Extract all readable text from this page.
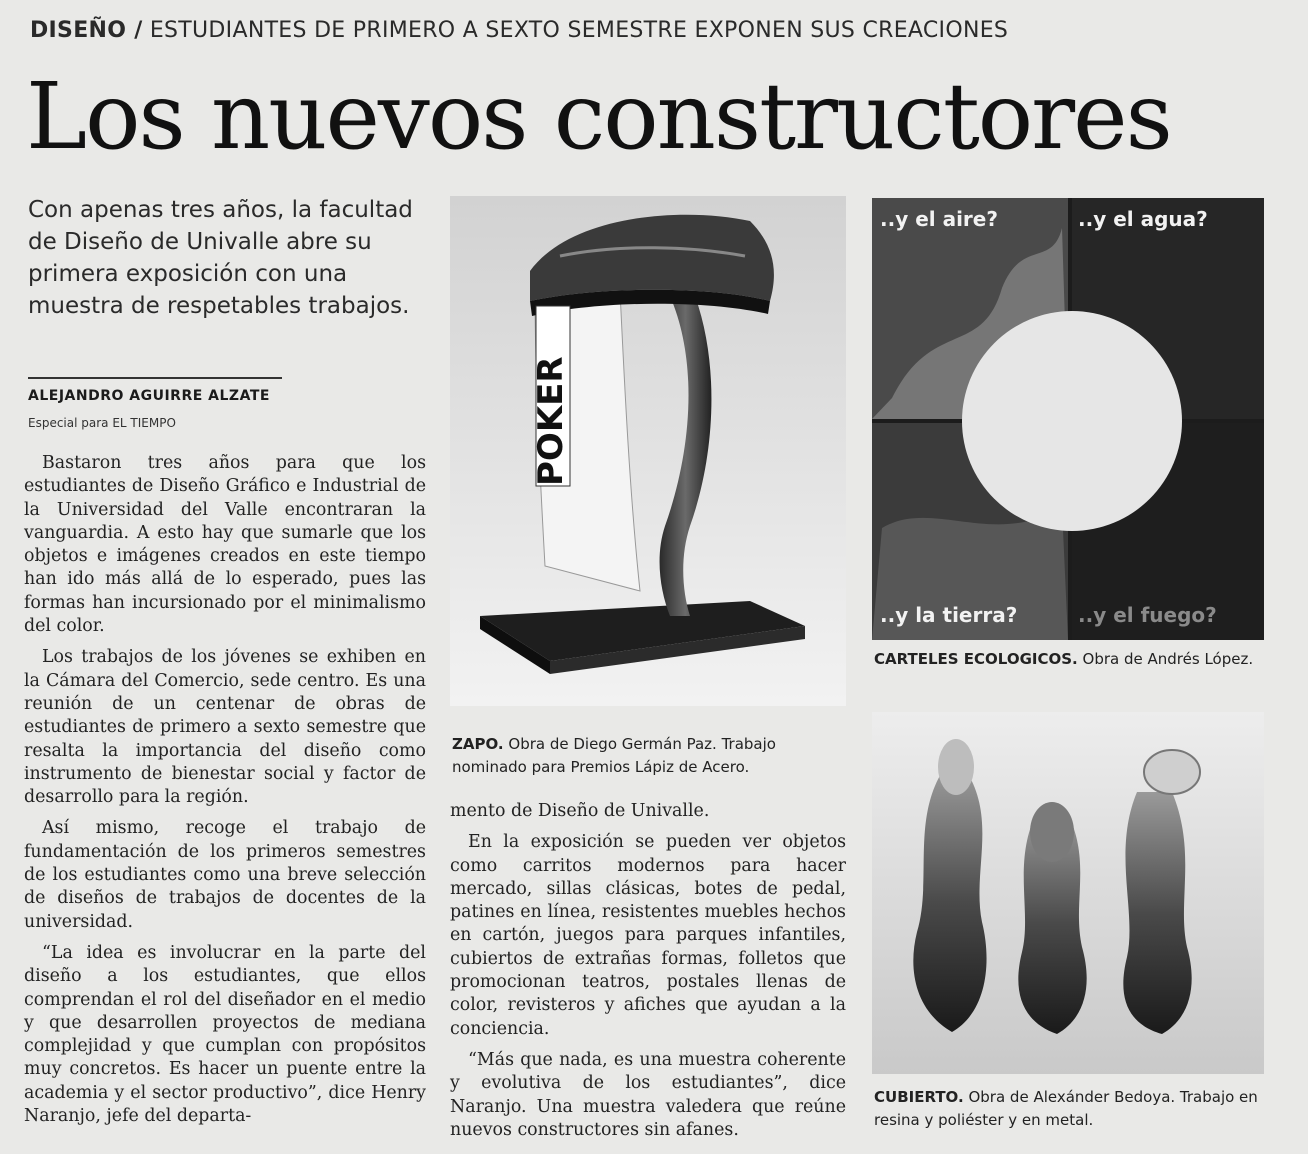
DISEÑO / ESTUDIANTES DE PRIMERO A SEXTO SEMESTRE EXPONEN SUS CREACIONES
Los nuevos constructores
Con apenas tres años, la facultad de Diseño de Univalle abre su primera exposición con una muestra de respetables trabajos.
ALEJANDRO AGUIRRE ALZATE
Especial para EL TIEMPO

Bastaron tres años para que los estudiantes de Diseño Gráfico e Industrial de la Universidad del Valle encontraran la vanguardia. A esto hay que sumarle que los objetos e imágenes creados en este tiempo han ido más allá de lo esperado, pues las formas han incursionado por el minimalismo del color.

Los trabajos de los jóvenes se exhiben en la Cámara del Comercio, sede centro. Es una reunión de un centenar de obras de estudiantes de primero a sexto semestre que resalta la importancia del diseño como instrumento de bienestar social y factor de desarrollo para la región.

Así mismo, recoge el trabajo de fundamentación de los primeros semestres de los estudiantes como una breve selección de diseños de trabajos de docentes de la universidad.

“La idea es involucrar en la parte del diseño a los estudiantes, que ellos comprendan el rol del diseñador en el medio y que desarrollen proyectos de mediana complejidad y que cumplan con propósitos muy concretos. Es hacer un puente entre la academia y el sector productivo”, dice Henry Naranjo, jefe del departa-

POKER
ZAPO. Obra de Diego Germán Paz. Trabajo nominado para Premios Lápiz de Acero.
..y el aire?	..y el agua?
..y la tierra?	..y el fuego?
CARTELES ECOLOGICOS. Obra de Andrés López.

mento de Diseño de Univalle.

En la exposición se pueden ver objetos como carritos modernos para hacer mercado, sillas clásicas, botes de pedal, patines en línea, resistentes muebles hechos en cartón, juegos para parques infantiles, cubiertos de extrañas formas, folletos que promocionan teatros, postales llenas de color, revisteros y afiches que ayudan a la conciencia.

“Más que nada, es una muestra coherente y evolutiva de los estudiantes”, dice Naranjo. Una muestra valedera que reúne nuevos constructores sin afanes.

CUBIERTO. Obra de Alexánder Bedoya. Trabajo en resina y poliéster y en metal.
